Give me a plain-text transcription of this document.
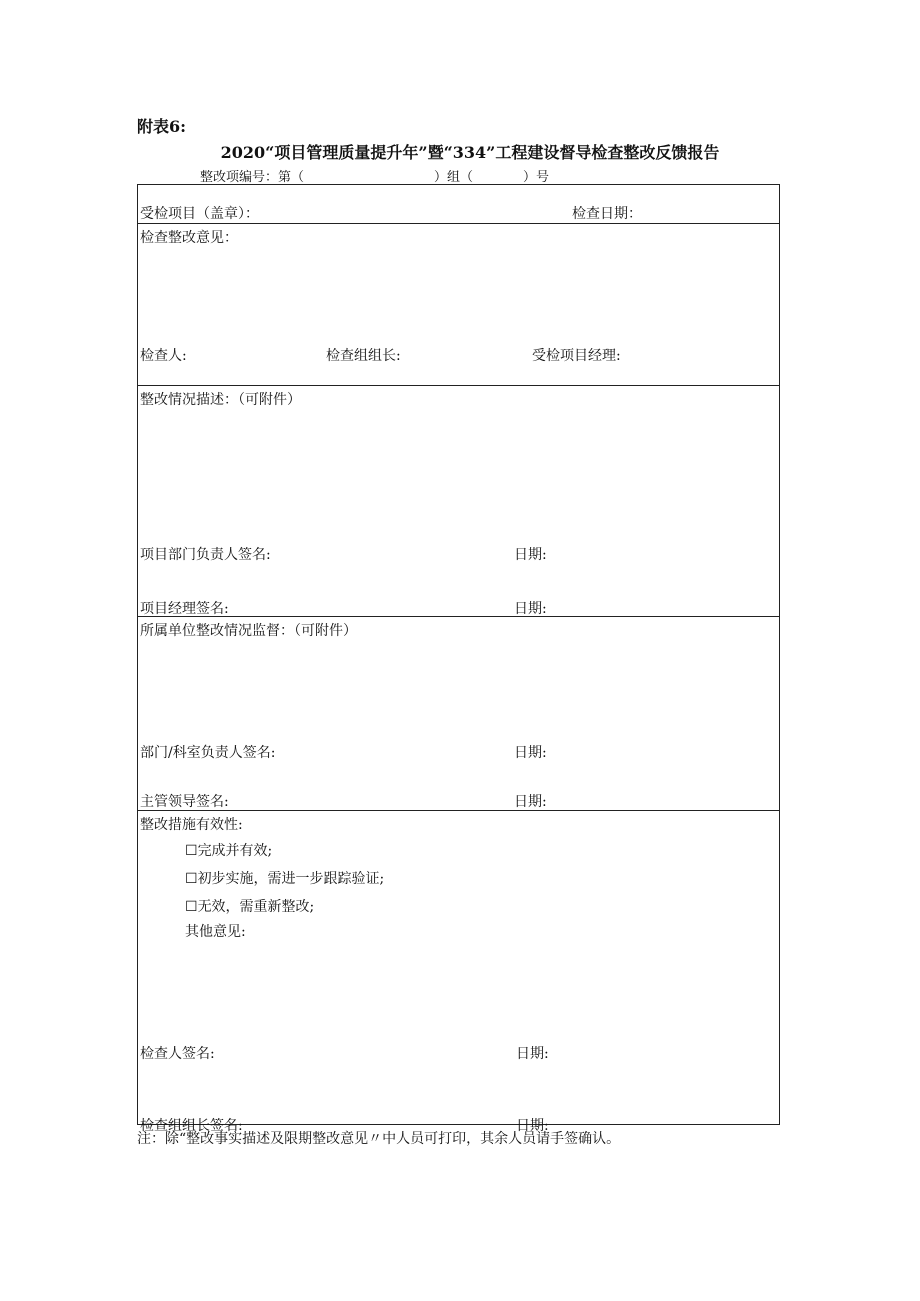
附表6:
2020“项目管理质量提升年”暨“334”工程建设督导检查整改反馈报告
整改项编号：第（	）组（	）号
受检项目（盖章）：	检查日期：
检查整改意见：
检查人:	检查组组长:	受检项目经理:
整改情况描述：（可附件）
项目部门负责人签名:	日期:
项目经理签名:	日期:
所属单位整改情况监督：（可附件）
部门/科室负责人签名:	日期:
主管领导签名:	日期:
整改措施有效性:
☐完成并有效;
☐初步实施，需进一步跟踪验证;
☐无效，需重新整改;
其他意见:
检查人签名:	日期:
检查组组长签名:	日期:
注：除“整改事实描述及限期整改意见〃中人员可打印，其余人员请手签确认。
